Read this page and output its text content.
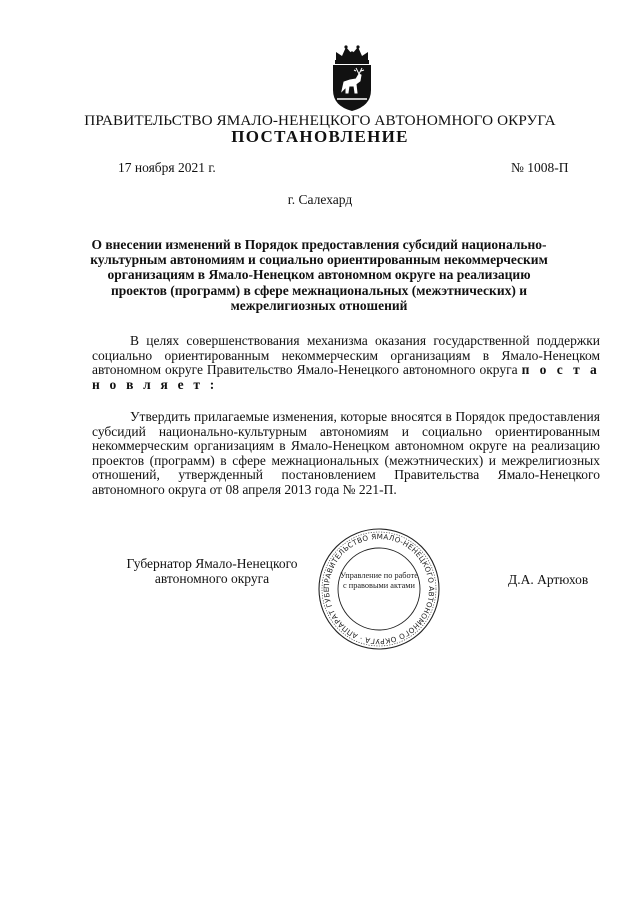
ПРАВИТЕЛЬСТВО ЯМАЛО-НЕНЕЦКОГО АВТОНОМНОГО ОКРУГА
ПОСТАНОВЛЕНИЕ
17 ноября 2021 г.	№ 1008-П
г. Салехард
О внесении изменений в Порядок предоставления субсидий национально-культурным автономиям и социально ориентированным некоммерческим организациям в Ямало-Ненецком автономном округе на реализацию проектов (программ) в сфере межнациональных (межэтнических) и межрелигиозных отношений

В целях совершенствования механизма оказания государственной поддержки социально ориентированным некоммерческим организациям в Ямало-Ненецком автономном округе Правительство Ямало-Ненецкого автономного округа п о с т а н о в л я е т :

Утвердить прилагаемые изменения, которые вносятся в Порядок предоставления субсидий национально-культурным автономиям и социально ориентированным некоммерческим организациям в Ямало-Ненецком автономном округе на реализацию проектов (программ) в сфере межнациональных (межэтнических) и межрелигиозных отношений, утвержденный постановлением Правительства Ямало-Ненецкого автономного округа от 08 апреля 2013 года № 221-П.

Губернатор Ямало-Ненецкого автономного округа	Д.А. Артюхов
ПРАВИТЕЛЬСТВО ЯМАЛО-НЕНЕЦКОГО АВТОНОМНОГО ОКРУГА · АППАРАТ ГУБЕ
Управление по работе с правовыми актами
